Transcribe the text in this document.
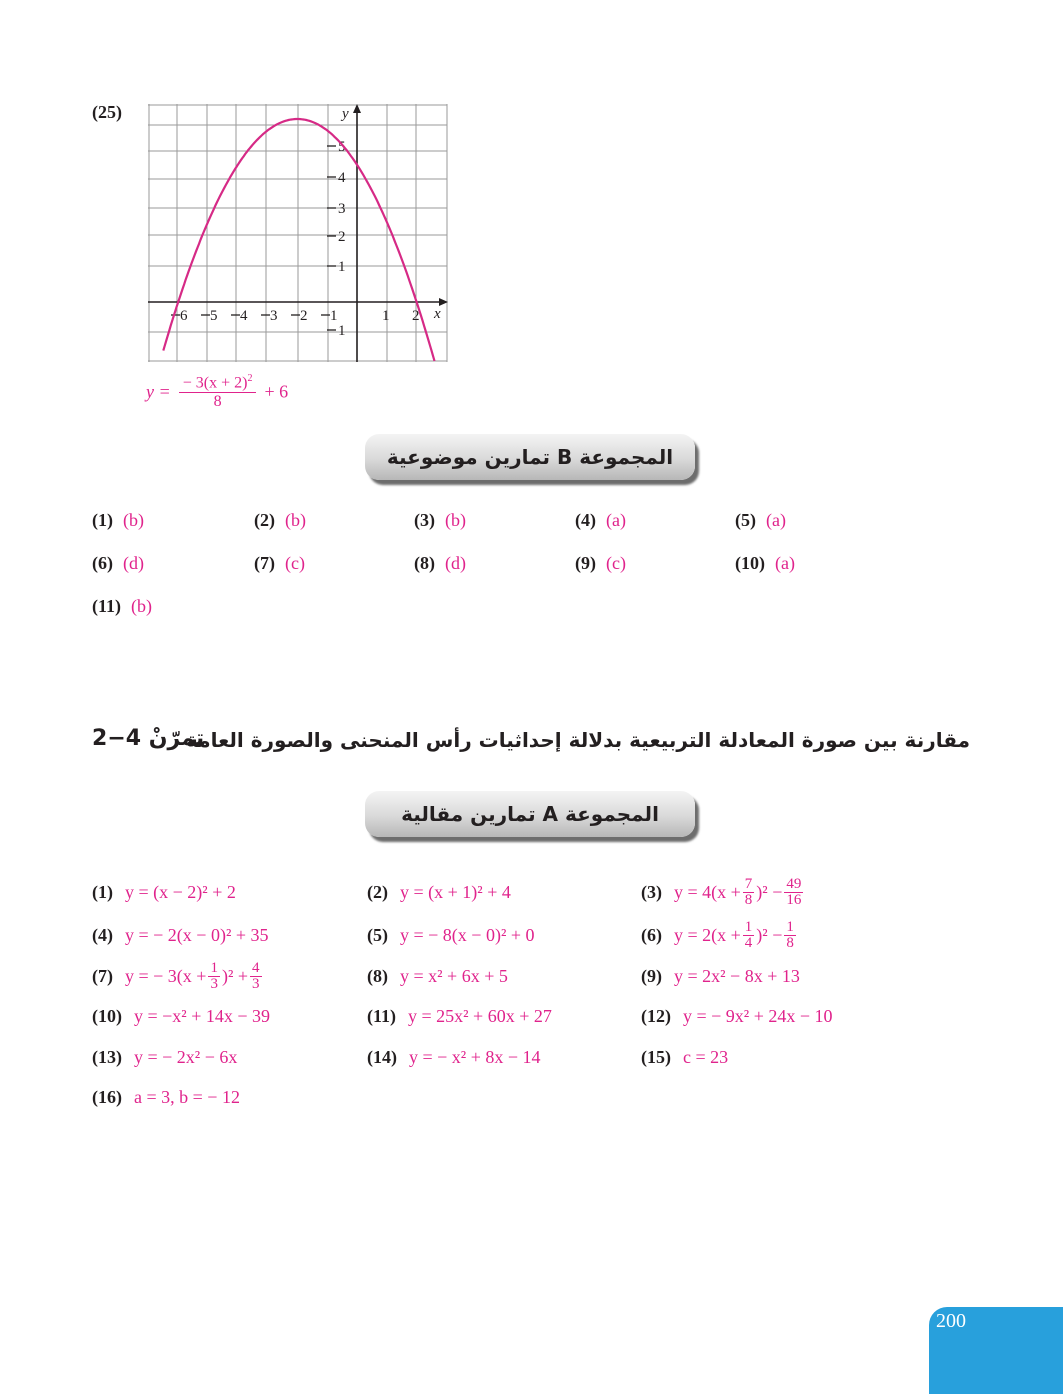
(25)	y
x
5
4
3
2
1
1
6 5 4 3 2 1	1 2
$y = \frac{- 3(x + 2)^2}{8} + 6$
المجموعة B تمارين موضوعية
(1) (b)	(2) (b)	(3) (b)	(4) (a)	(5) (a)
(6) (d)	(7) (c)	(8) (d)	(9) (c)	(10) (a)
(11) (b)
مقارنة بين صورة المعادلة التربيعية بدلالة إحداثيات رأس المنحنى والصورة العامة
تمرّنْ 4−2
المجموعة A تمارين مقالية
(1) y = (x − 2)² + 2	(2) y = (x + 1)² + 4	(3) $y = 4(x + \frac{7}{8} )^2 - \frac{49}{16}$
(4) y = − 2(x − 0)² + 35	(5) y = − 8(x − 0)² + 0	(6) $y = 2(x + \frac{1}{4} )^2 - \frac{1}{8}$
(7) y = − $3(x + \frac{1}{3} )^2 + \frac{4}{3}$	(8) y = x² + 6x + 5	(9) y = 2x² − 8x + 13
(10) y = −x² + 14x − 39	(11) y = 25x² + 60x + 27	(12) y = − 9x² + 24x − 10
(13) y = − 2x² − 6x	(14) y = − x² + 8x − 14	(15) c = 23
(16) a = 3, b = − 12
200
